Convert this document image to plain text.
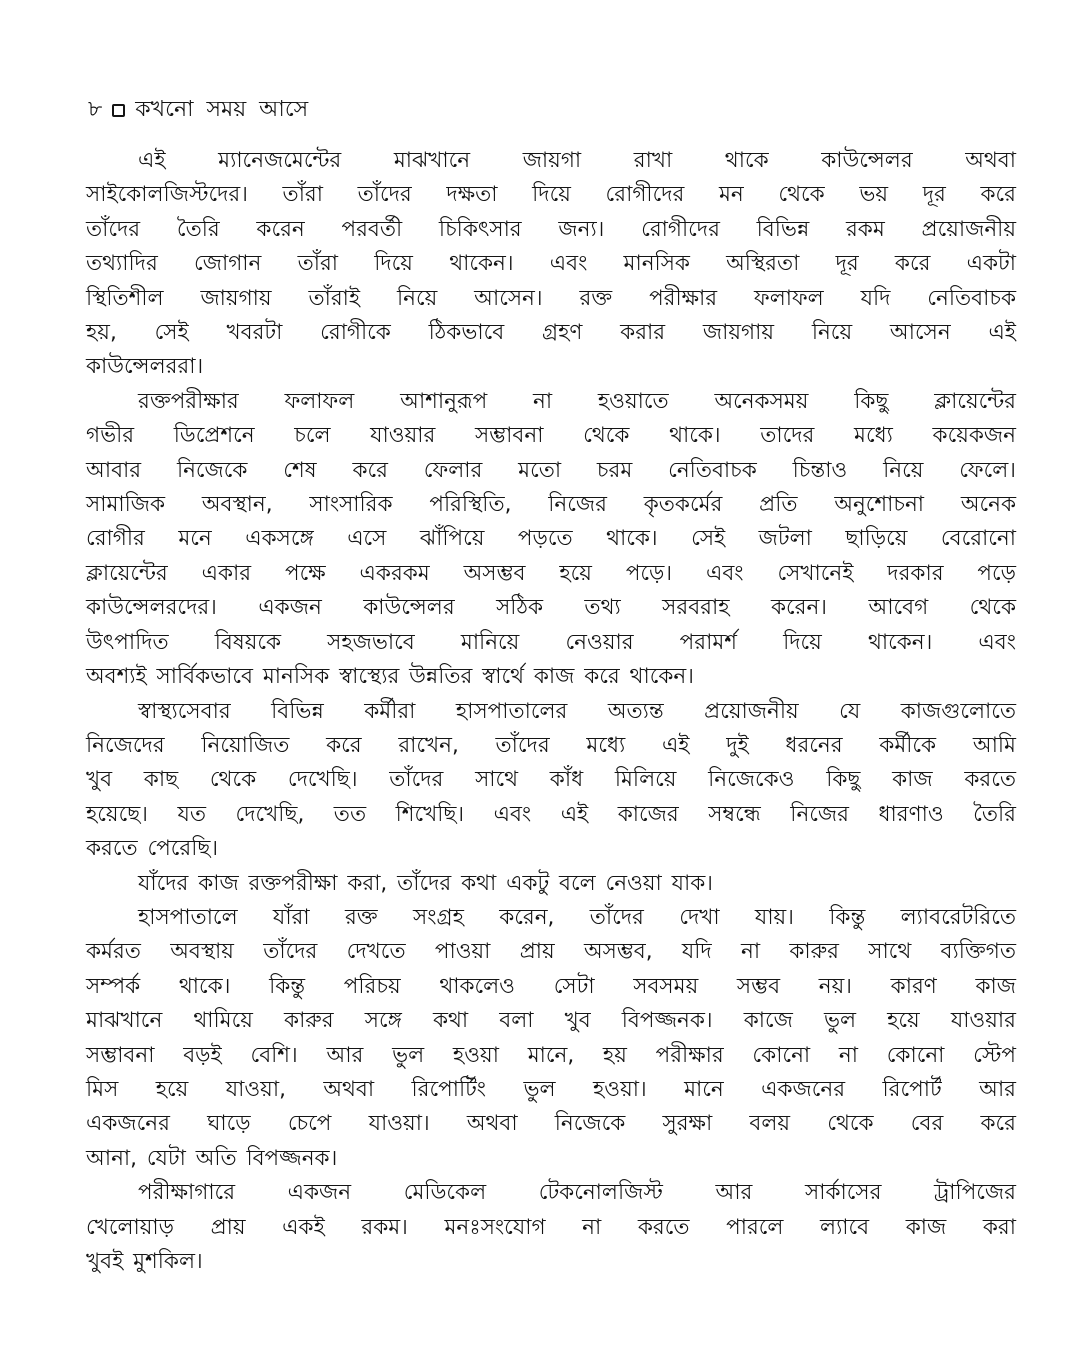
৮ কখনো সময় আসে
এই ম্যানেজমেন্টের মাঝখানে জায়গা রাখা থাকে কাউন্সেলর অথবা
সাইকোলজিস্টদের। তাঁরা তাঁদের দক্ষতা দিয়ে রোগীদের মন থেকে ভয় দূর করে
তাঁদের তৈরি করেন পরবর্তী চিকিৎসার জন্য। রোগীদের বিভিন্ন রকম প্রয়োজনীয়
তথ্যাদির জোগান তাঁরা দিয়ে থাকেন। এবং মানসিক অস্থিরতা দূর করে একটা
স্থিতিশীল জায়গায় তাঁরাই নিয়ে আসেন। রক্ত পরীক্ষার ফলাফল যদি নেতিবাচক
হয়, সেই খবরটা রোগীকে ঠিকভাবে গ্রহণ করার জায়গায় নিয়ে আসেন এই
কাউন্সেলররা।
রক্তপরীক্ষার ফলাফল আশানুরূপ না হওয়াতে অনেকসময় কিছু ক্লায়েন্টের
গভীর ডিপ্রেশনে চলে যাওয়ার সম্ভাবনা থেকে থাকে। তাদের মধ্যে কয়েকজন
আবার নিজেকে শেষ করে ফেলার মতো চরম নেতিবাচক চিন্তাও নিয়ে ফেলে।
সামাজিক অবস্থান, সাংসারিক পরিস্থিতি, নিজের কৃতকর্মের প্রতি অনুশোচনা অনেক
রোগীর মনে একসঙ্গে এসে ঝাঁপিয়ে পড়তে থাকে। সেই জটলা ছাড়িয়ে বেরোনো
ক্লায়েন্টের একার পক্ষে একরকম অসম্ভব হয়ে পড়ে। এবং সেখানেই দরকার পড়ে
কাউন্সেলরদের। একজন কাউন্সেলর সঠিক তথ্য সরবরাহ করেন। আবেগ থেকে
উৎপাদিত বিষয়কে সহজভাবে মানিয়ে নেওয়ার পরামর্শ দিয়ে থাকেন। এবং
অবশ্যই সার্বিকভাবে মানসিক স্বাস্থ্যের উন্নতির স্বার্থে কাজ করে থাকেন।
স্বাস্থ্যসেবার বিভিন্ন কর্মীরা হাসপাতালের অত্যন্ত প্রয়োজনীয় যে কাজগুলোতে
নিজেদের নিয়োজিত করে রাখেন, তাঁদের মধ্যে এই দুই ধরনের কর্মীকে আমি
খুব কাছ থেকে দেখেছি। তাঁদের সাথে কাঁধ মিলিয়ে নিজেকেও কিছু কাজ করতে
হয়েছে। যত দেখেছি, তত শিখেছি। এবং এই কাজের সম্বন্ধে নিজের ধারণাও তৈরি
করতে পেরেছি।
যাঁদের কাজ রক্তপরীক্ষা করা, তাঁদের কথা একটু বলে নেওয়া যাক।
হাসপাতালে যাঁরা রক্ত সংগ্রহ করেন, তাঁদের দেখা যায়। কিন্তু ল্যাবরেটরিতে
কর্মরত অবস্থায় তাঁদের দেখতে পাওয়া প্রায় অসম্ভব, যদি না কারুর সাথে ব্যক্তিগত
সম্পর্ক থাকে। কিন্তু পরিচয় থাকলেও সেটা সবসময় সম্ভব নয়। কারণ কাজ
মাঝখানে থামিয়ে কারুর সঙ্গে কথা বলা খুব বিপজ্জনক। কাজে ভুল হয়ে যাওয়ার
সম্ভাবনা বড়ই বেশি। আর ভুল হওয়া মানে, হয় পরীক্ষার কোনো না কোনো স্টেপ
মিস হয়ে যাওয়া, অথবা রিপোর্টিং ভুল হওয়া। মানে একজনের রিপোর্ট আর
একজনের ঘাড়ে চেপে যাওয়া। অথবা নিজেকে সুরক্ষা বলয় থেকে বের করে
আনা, যেটা অতি বিপজ্জনক।
পরীক্ষাগারে একজন মেডিকেল টেকনোলজিস্ট আর সার্কাসের ট্রাপিজের
খেলোয়াড় প্রায় একই রকম। মনঃসংযোগ না করতে পারলে ল্যাবে কাজ করা
খুবই মুশকিল।
